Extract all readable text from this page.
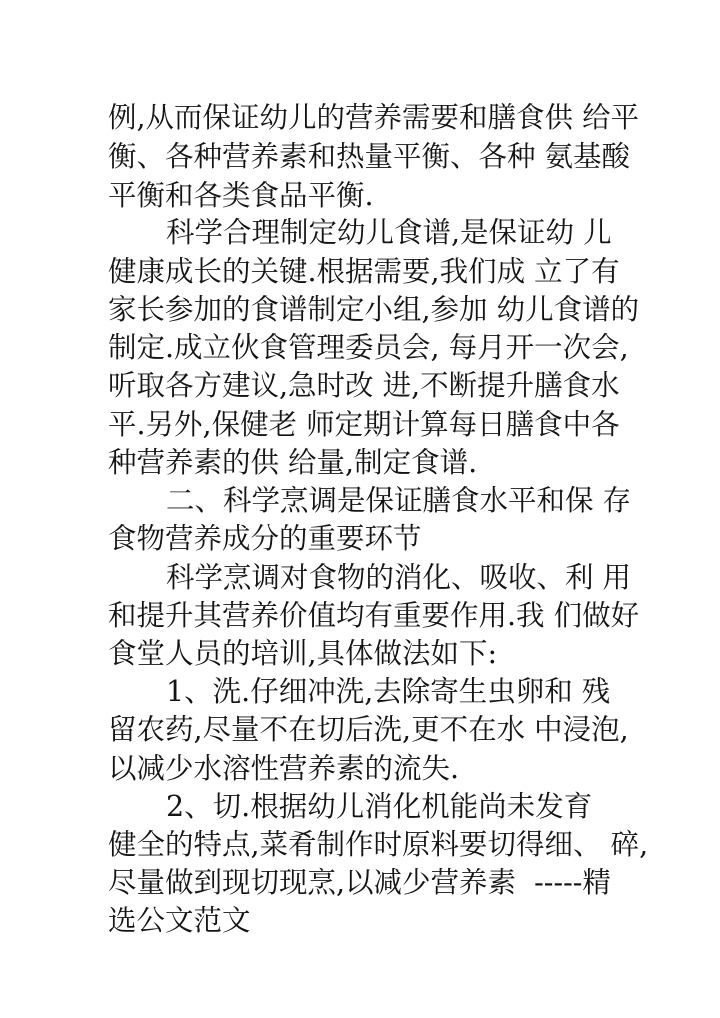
例,从而保证幼儿的营养需要和膳食供 给平
衡、各种营养素和热量平衡、各种 氨基酸
平衡和各类食品平衡.
科学合理制定幼儿食谱,是保证幼 儿
健康成长的关键.根据需要,我们成 立了有
家长参加的食谱制定小组,参加 幼儿食谱的
制定.成立伙食管理委员会, 每月开一次会,
听取各方建议,急时改 进,不断提升膳食水
平.另外,保健老 师定期计算每日膳食中各
种营养素的供 给量,制定食谱.
二、科学烹调是保证膳食水平和保 存
食物营养成分的重要环节
科学烹调对食物的消化、吸收、利 用
和提升其营养价值均有重要作用.我 们做好
食堂人员的培训,具体做法如下:
1、洗.仔细冲洗,去除寄生虫卵和 残
留农药,尽量不在切后洗,更不在水 中浸泡,
以减少水溶性营养素的流失.
2、切.根据幼儿消化机能尚未发育
健全的特点,菜肴制作时原料要切得细、 碎,
尽量做到现切现烹,以减少营养素  -----精
选公文范文
